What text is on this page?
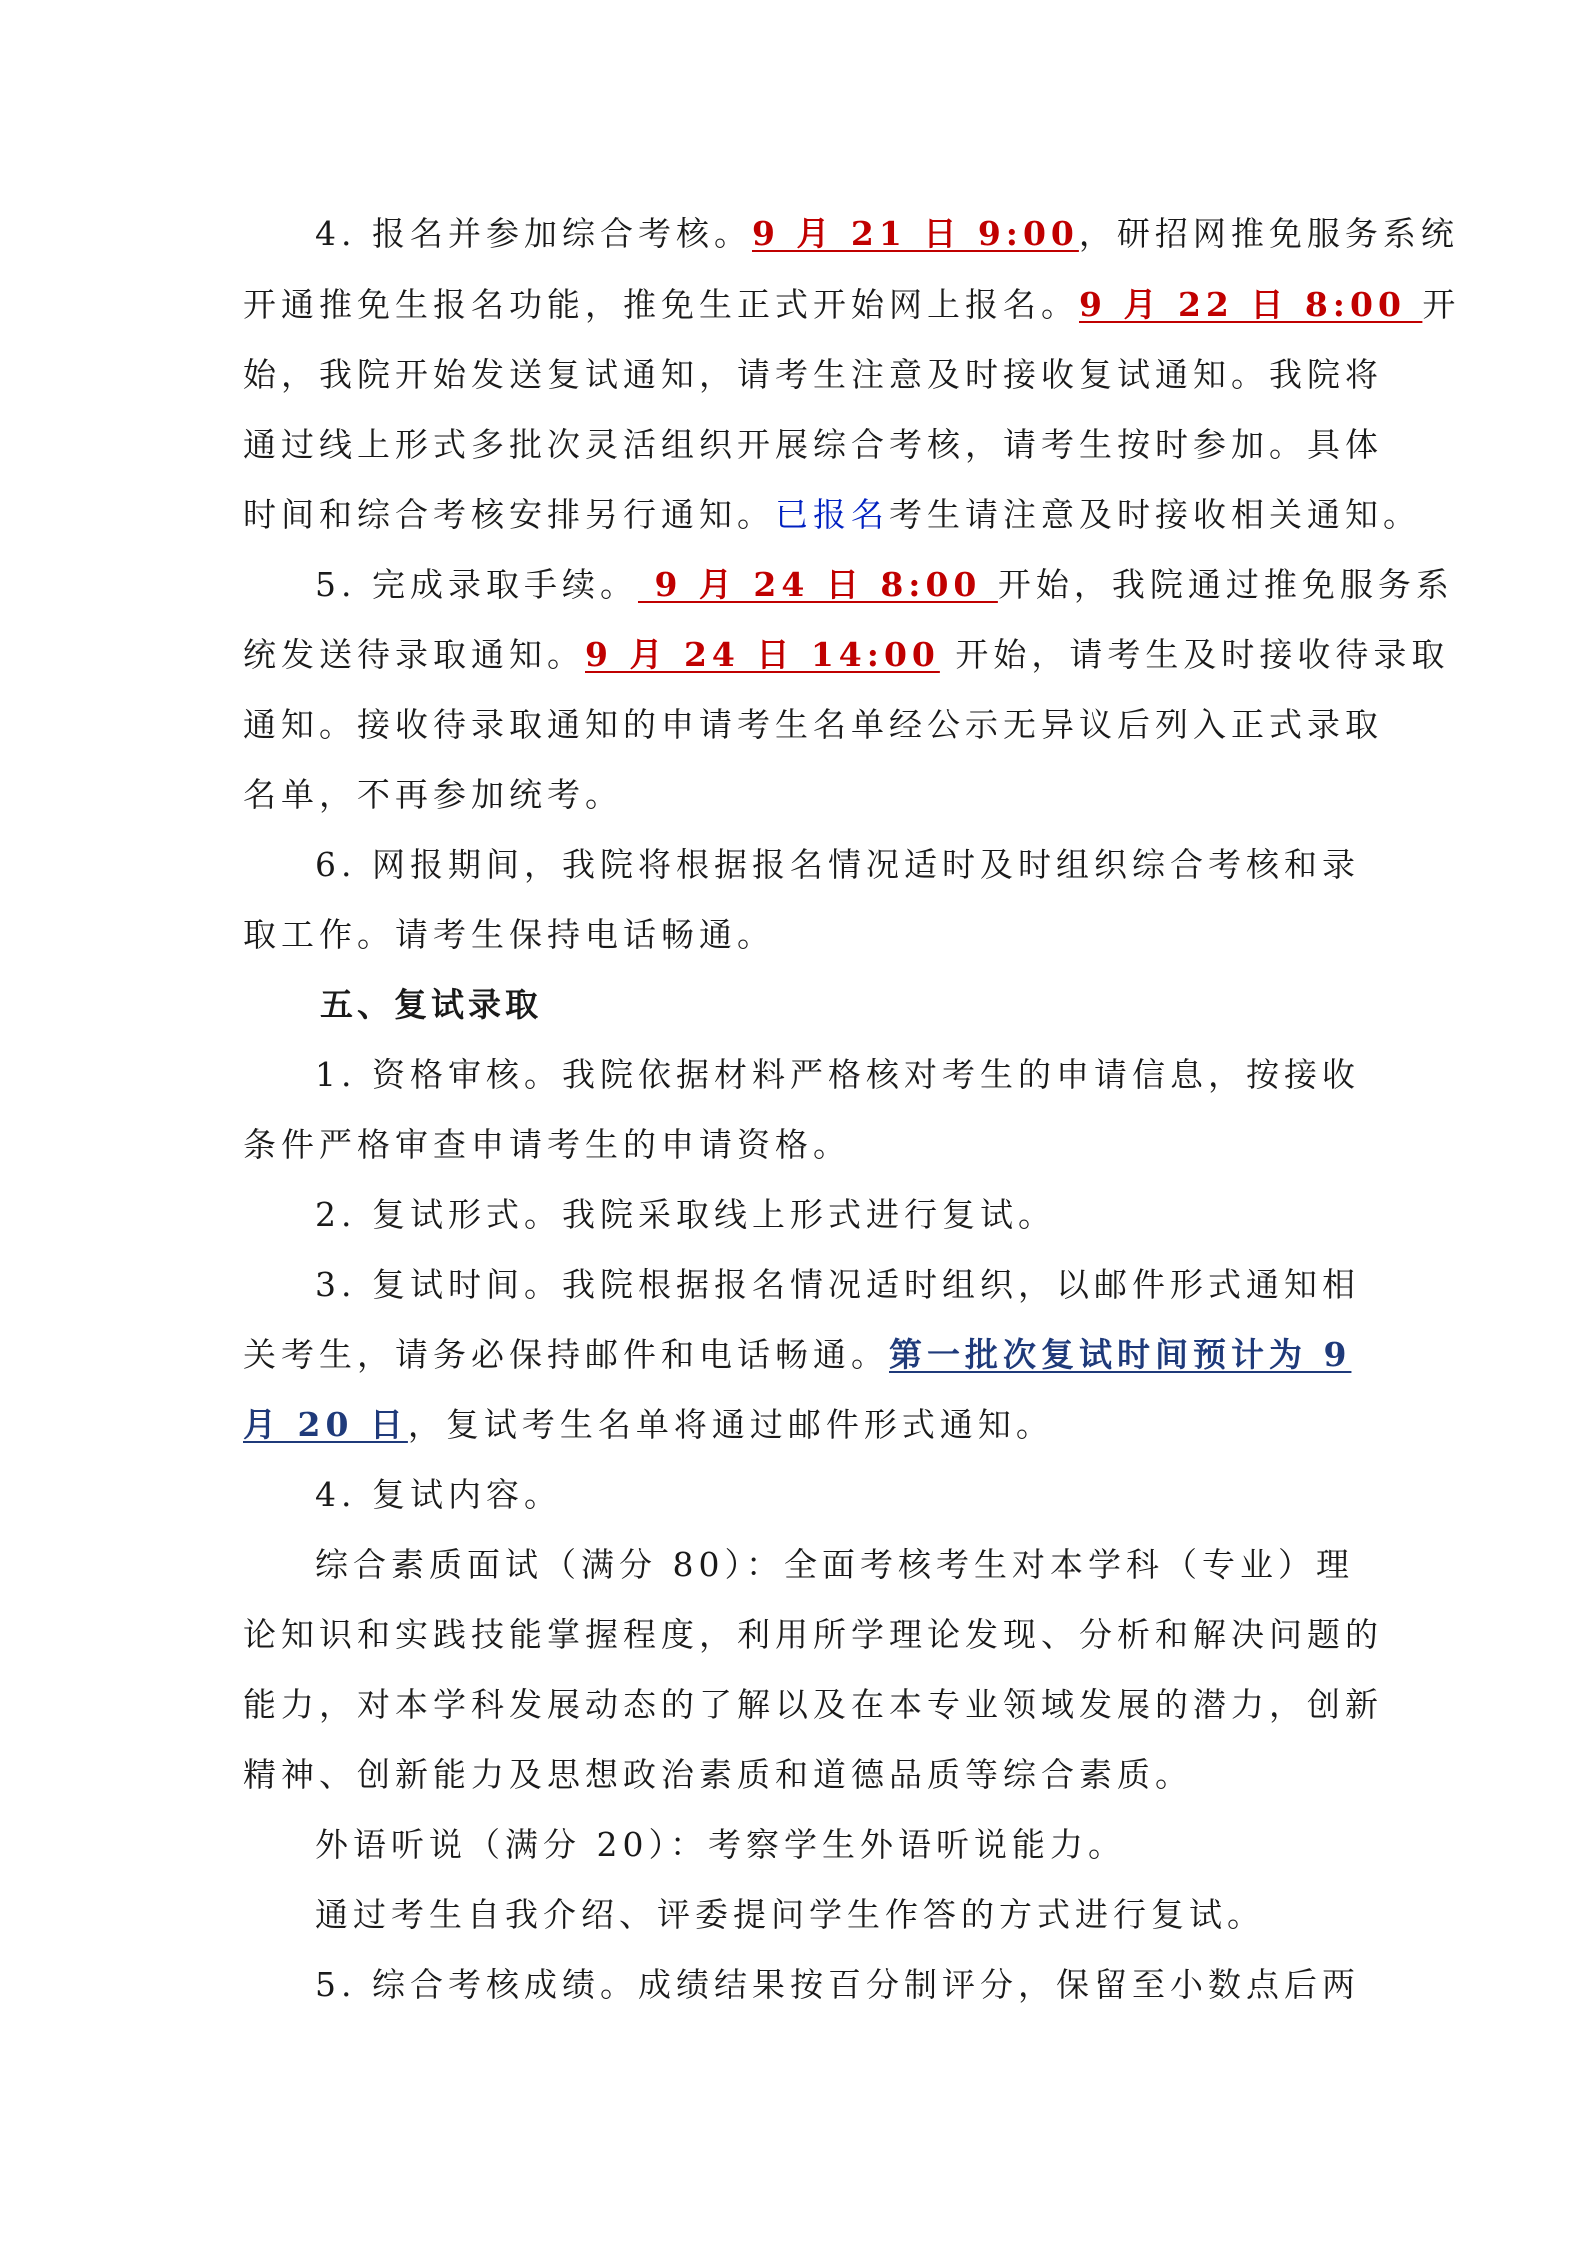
4. 报名并参加综合考核。9 月 21 日 9:00，研招网推免服务系统
开通推免生报名功能，推免生正式开始网上报名。9 月 22 日 8:00 开
始，我院开始发送复试通知，请考生注意及时接收复试通知。我院将
通过线上形式多批次灵活组织开展综合考核，请考生按时参加。具体
时间和综合考核安排另行通知。已报名考生请注意及时接收相关通知。
5. 完成录取手续。 9 月 24 日 8:00 开始，我院通过推免服务系
统发送待录取通知。9 月 24 日 14:00 开始，请考生及时接收待录取
通知。接收待录取通知的申请考生名单经公示无异议后列入正式录取
名单，不再参加统考。
6. 网报期间，我院将根据报名情况适时及时组织综合考核和录
取工作。请考生保持电话畅通。
五、复试录取
1. 资格审核。我院依据材料严格核对考生的申请信息，按接收
条件严格审查申请考生的申请资格。
2. 复试形式。我院采取线上形式进行复试。
3. 复试时间。我院根据报名情况适时组织，以邮件形式通知相
关考生，请务必保持邮件和电话畅通。第一批次复试时间预计为 9
月 20 日，复试考生名单将通过邮件形式通知。
4. 复试内容。
综合素质面试（满分 80）：全面考核考生对本学科（专业）理
论知识和实践技能掌握程度，利用所学理论发现、分析和解决问题的
能力，对本学科发展动态的了解以及在本专业领域发展的潜力，创新
精神、创新能力及思想政治素质和道德品质等综合素质。
外语听说（满分 20）：考察学生外语听说能力。
通过考生自我介绍、评委提问学生作答的方式进行复试。
5. 综合考核成绩。成绩结果按百分制评分，保留至小数点后两
